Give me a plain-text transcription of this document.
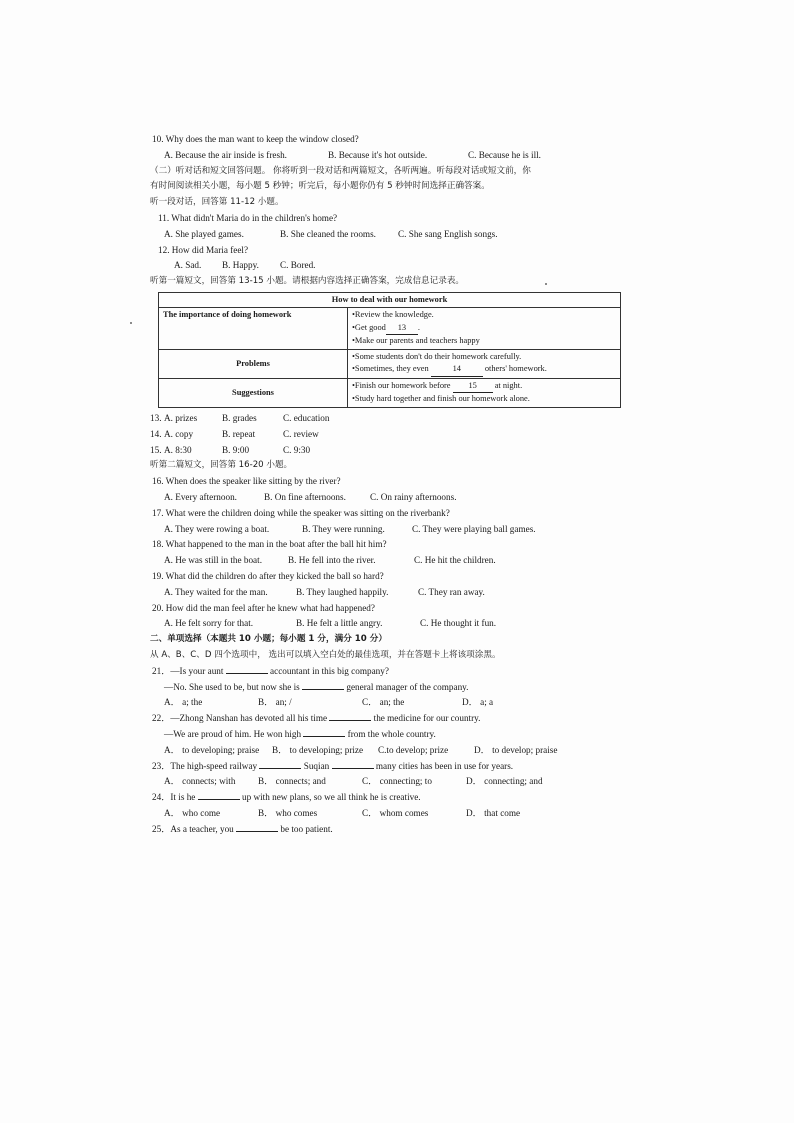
10. Why does the man want to keep the window closed?
A. Because the air inside is fresh.	B. Because it's hot outside.	C. Because he is ill.
（二）听对话和短文回答问题。 你将听到一段对话和两篇短文，各听两遍。听每段对话或短文前，你
有时间阅读相关小题，每小题 5 秒钟；听完后，每小题你仍有 5 秒钟时间选择正确答案。
听一段对话，回答第 11-12 小题。
11. What didn't Maria do in the children's home?
A. She played games.	B. She cleaned the rooms. C. She sang English songs.
12. How did Maria feel?
A. Sad. B. Happy. C. Bored.
听第一篇短文，回答第 13-15 小题。请根据内容选择正确答案，完成信息记录表。
How to deal with our homework	
The importance of doing homework	•Review the knowledge.
•Get good 13 .
•Make our parents and teachers happy

Problems	•Some students don't do their homework carefully.
•Sometimes, they even 14 others' homework.

Suggestions	•Finish our homework before 15 at night.
•Study hard together and finish our homework alone.
13. A. prizes	B. grades	C. education
14. A. copy	B. repeat	C. review
15. A. 8:30	B. 9:00	C. 9:30
听第二篇短文，回答第 16-20 小题。
16. When does the speaker like sitting by the river?
A. Every afternoon.	B. On fine afternoons.	C. On rainy afternoons.
17. What were the children doing while the speaker was sitting on the riverbank?
A. They were rowing a boat.	B. They were running.	C. They were playing ball games.
18. What happened to the man in the boat after the ball hit him?
A. He was still in the boat.	B. He fell into the river.	C. He hit the children.
19. What did the children do after they kicked the ball so hard?
A. They waited for the man.	B. They laughed happily.	C. They ran away.
20. How did the man feel after he knew what had happened?
A. He felt sorry for that.	B. He felt a little angry.	C. He thought it fun.
二、单项选择（本题共 10 小题；每小题 1 分，满分 10 分）
从 A、B、C、D 四个选项中， 选出可以填入空白处的最佳选项，并在答题卡上将该项涂黑。
21．—Is your aunt	accountant in this big company?
—No. She used to be, but now she is	general manager of the company.
A． a; the	B． an; /	C． an; the	D． a; a
22．—Zhong Nanshan has devoted all his time	the medicine for our country.
—We are proud of him. He won high	from the whole country.
A． to developing; praise B． to developing; prize C.to develop; prize	D． to develop; praise
23．The high-speed railway	Suqian	many cities has been in use for years.
A． connects; with B． connects; and	C． connecting; to	D． connecting; and
24．It is he	up with new plans, so we all think he is creative.
A． who come	B． who comes	C． whom comes	D． that come
25．As a teacher, you	be too patient.
